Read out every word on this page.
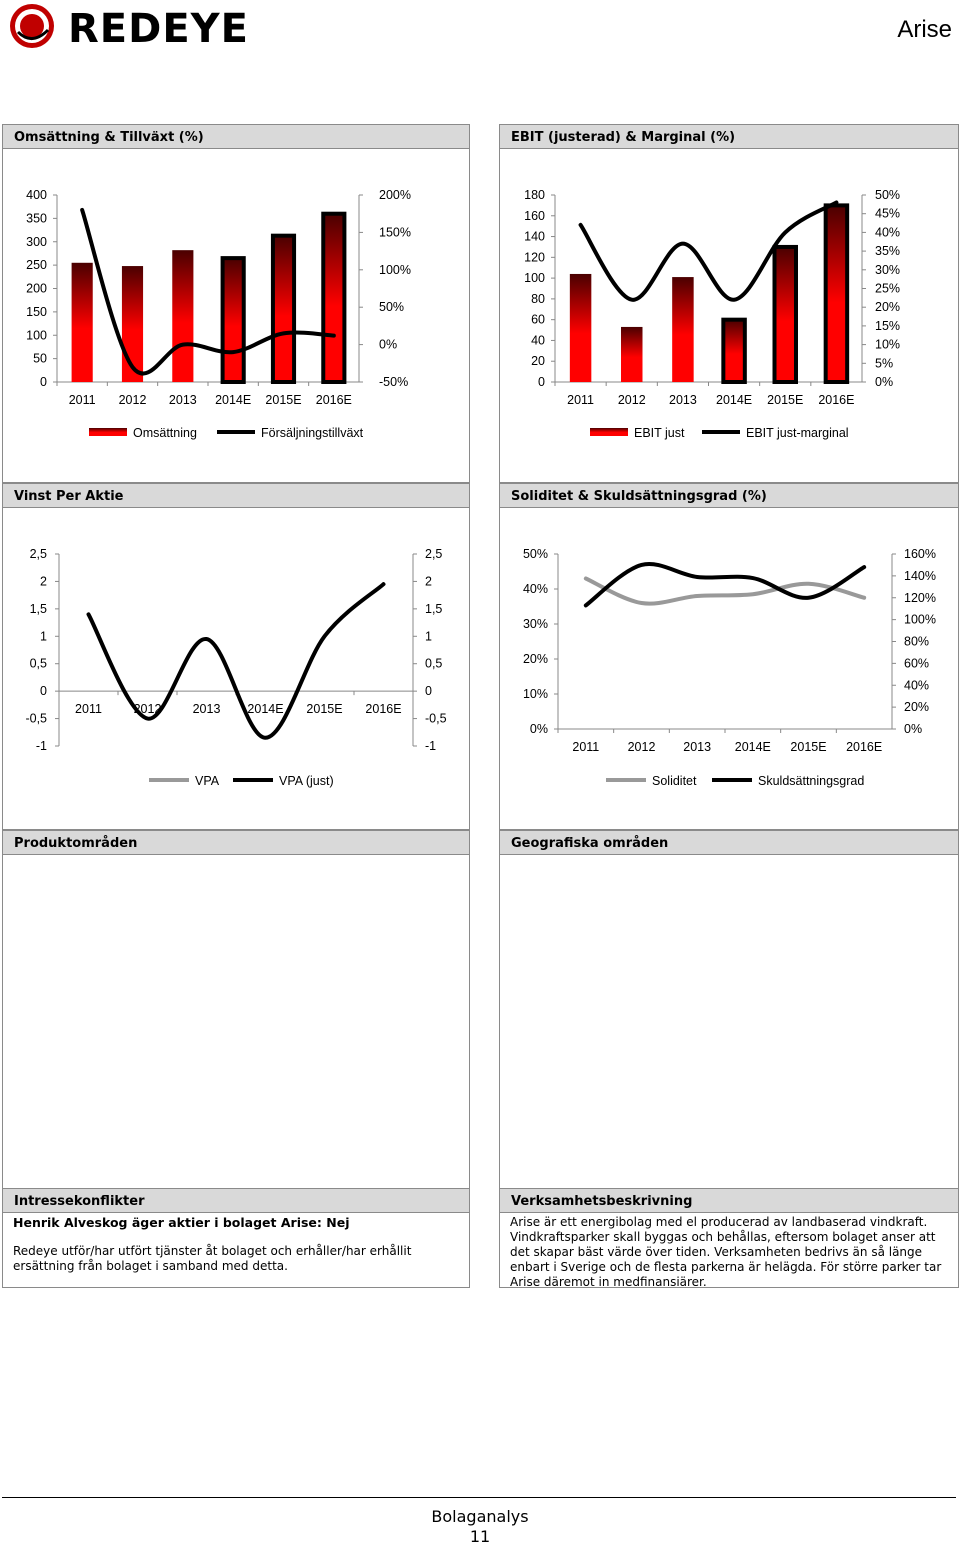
REDEYE	Arise
Omsättning & Tillväxt (%)
0
50
100
150
200
250
300
350
400
-50%
0%
50%
100%
150%
200%
2011 2012 2013 2014E 2015E 2016E
Omsättning	Försäljningstillväxt
EBIT (justerad) & Marginal (%)
0
20
40
60
80
100
120
140
160
180
0%
5%
10%
15%
20%
25%
30%
35%
40%
45%
50%
2011 2012 2013 2014E 2015E 2016E
EBIT just	EBIT just-marginal
Vinst Per Aktie
-1
-0,5
0
0,5
1
1,5
2
2,5
-1
-0,5
0
0,5
1
1,5
2
2,5
2011	2012 2013 2014E 2015E 2016E
VPA	VPA (just)
Soliditet & Skuldsättningsgrad (%)
0%
10%
20%
30%
40%
50%
0%
20%
40%
60%
80%
100%
120%
140%
160%
2011 2012 2013 2014E 2015E 2016E
Soliditet	Skuldsättningsgrad
Produktområden	Geografiska områden
Intressekonflikter
Henrik Alveskog äger aktier i bolaget Arise: Nej
Redeye utför/har utfört tjänster åt bolaget och erhåller/har erhållit ersättning från bolaget i samband med detta.
Verksamhetsbeskrivning
Arise är ett energibolag med el producerad av landbaserad vindkraft. Vindkraftsparker skall byggas och behållas, eftersom bolaget anser att det skapar bäst värde över tiden. Verksamheten bedrivs än så länge enbart i Sverige och de flesta parkerna är helägda. För större parker tar Arise däremot in medfinansiärer.
Bolaganalys
11
